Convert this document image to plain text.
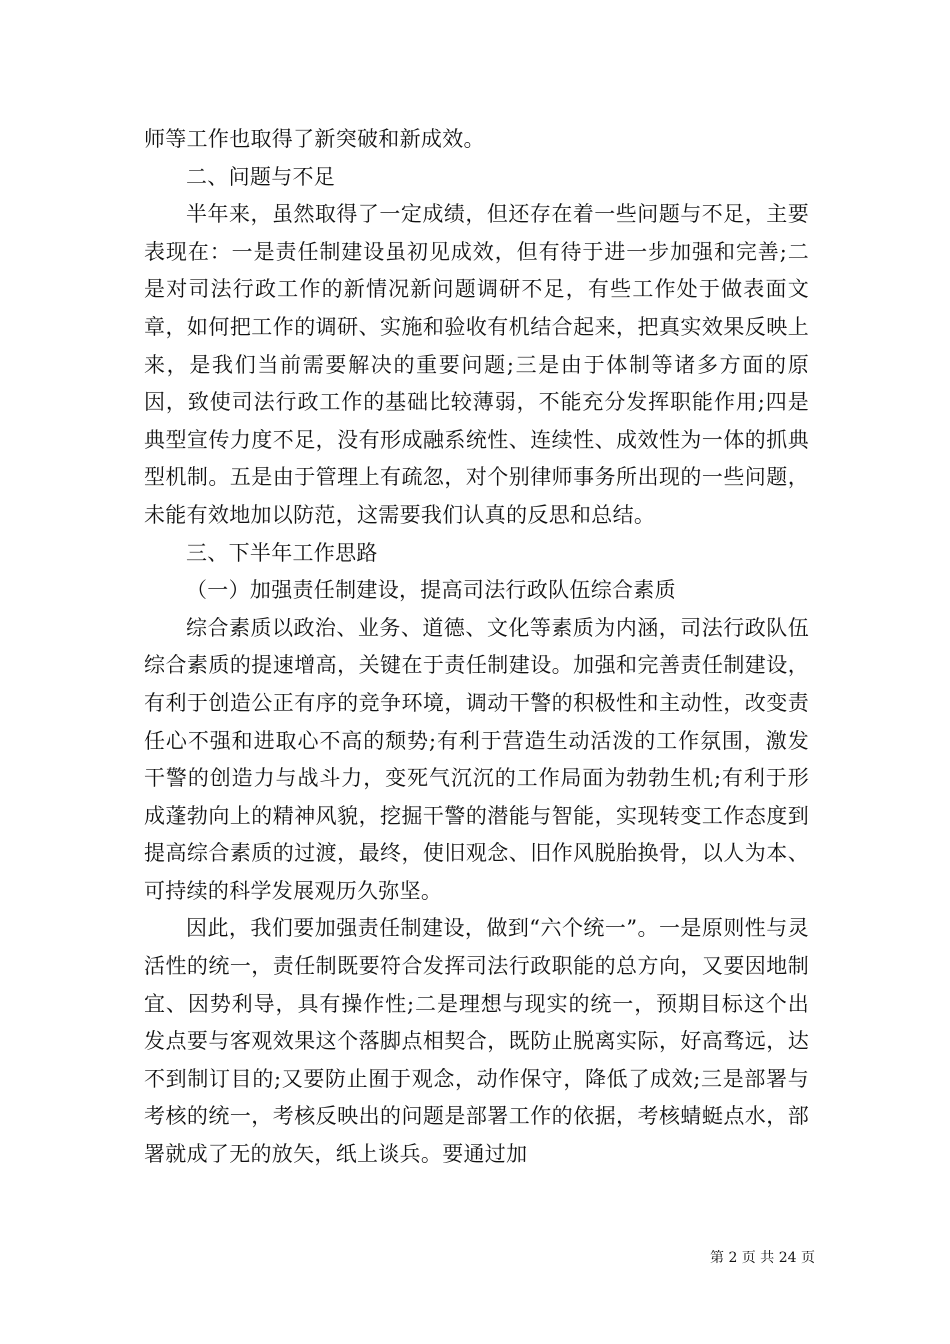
师等工作也取得了新突破和新成效。

二、问题与不足

半年来，虽然取得了一定成绩，但还存在着一些问题与不足，主要表现在：一是责任制建设虽初见成效，但有待于进一步加强和完善;二是对司法行政工作的新情况新问题调研不足，有些工作处于做表面文章，如何把工作的调研、实施和验收有机结合起来，把真实效果反映上来，是我们当前需要解决的重要问题;三是由于体制等诸多方面的原因，致使司法行政工作的基础比较薄弱，不能充分发挥职能作用;四是典型宣传力度不足，没有形成融系统性、连续性、成效性为一体的抓典型机制。五是由于管理上有疏忽，对个别律师事务所出现的一些问题，未能有效地加以防范，这需要我们认真的反思和总结。

三、下半年工作思路

（一）加强责任制建设，提高司法行政队伍综合素质

综合素质以政治、业务、道德、文化等素质为内涵，司法行政队伍综合素质的提速增高，关键在于责任制建设。加强和完善责任制建设，有利于创造公正有序的竞争环境，调动干警的积极性和主动性，改变责任心不强和进取心不高的颓势;有利于营造生动活泼的工作氛围，激发干警的创造力与战斗力，变死气沉沉的工作局面为勃勃生机;有利于形成蓬勃向上的精神风貌，挖掘干警的潜能与智能，实现转变工作态度到提高综合素质的过渡，最终，使旧观念、旧作风脱胎换骨，以人为本、可持续的科学发展观历久弥坚。

因此，我们要加强责任制建设，做到“六个统一”。一是原则性与灵活性的统一，责任制既要符合发挥司法行政职能的总方向，又要因地制宜、因势利导，具有操作性;二是理想与现实的统一，预期目标这个出发点要与客观效果这个落脚点相契合，既防止脱离实际，好高骛远，达不到制订目的;又要防止囿于观念，动作保守，降低了成效;三是部署与考核的统一，考核反映出的问题是部署工作的依据，考核蜻蜓点水，部署就成了无的放矢，纸上谈兵。要通过加

第 2 页 共 24 页
